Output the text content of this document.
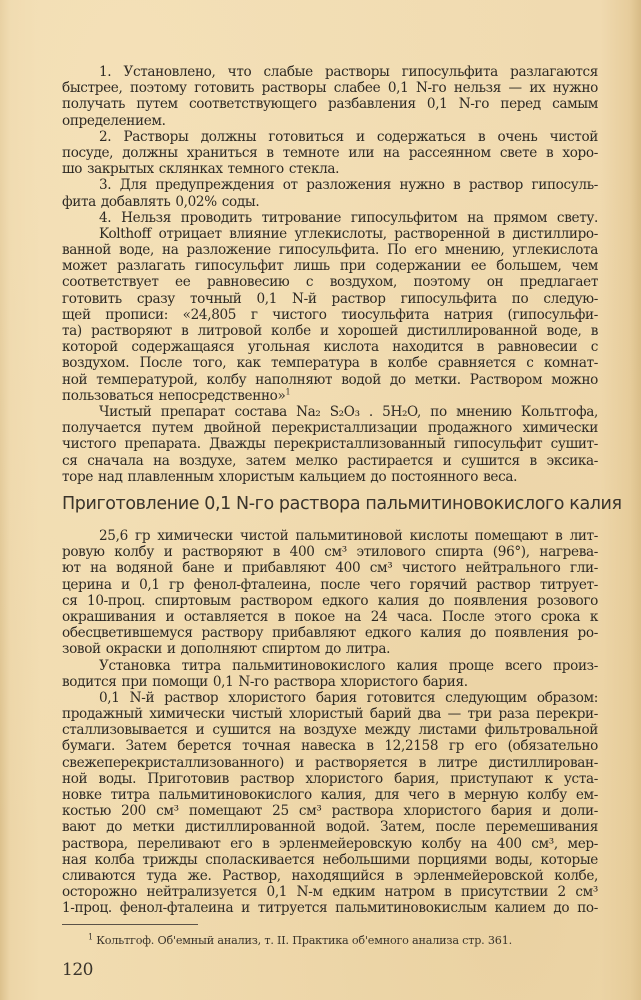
1. Установлено, что слабые растворы гипосульфита разлагаются
быстрее, поэтому готовить растворы слабее 0,1 N-го нельзя — их нужно
получать путем соответствующего разбавления 0,1 N-го перед самым
определением.
2. Растворы должны готовиться и содержаться в очень чистой
посуде, должны храниться в темноте или на рассеянном свете в хоро-
шо закрытых склянках темного стекла.
3. Для предупреждения от разложения нужно в раствор гипосуль-
фита добавлять 0,02% соды.
4. Нельзя проводить титрование гипосульфитом на прямом свету.
Kolthoff отрицает влияние углекислоты, растворенной в дистиллиро-
ванной воде, на разложение гипосульфита. По его мнению, углекислота
может разлагать гипосульфит лишь при содержании ее большем, чем
соответствует ее равновесию с воздухом, поэтому он предлагает
готовить сразу точный 0,1 N-й раствор гипосульфита по следую-
щей прописи: «24,805 г чистого тиосульфита натрия (гипосульфи-
та) растворяют в литровой колбе и хорошей дистиллированной воде, в
которой содержащаяся угольная кислота находится в равновесии с
воздухом. После того, как температура в колбе сравняется с комнат-
ной температурой, колбу наполняют водой до метки. Раствором можно
пользоваться непосредственно»$^1$
Чистый препарат состава Na₂ S₂O₃ . 5H₂O, по мнению Кольтгофа,
получается путем двойной перекристаллизации продажного химически
чистого препарата. Дважды перекристаллизованный гипосульфит сушит-
ся сначала на воздухе, затем мелко растирается и сушится в эксика-
торе над плавленным хлористым кальцием до постоянного веса.
Приготовление 0,1 N-го раствора пальмитиновокислого калия
25,6 гр химически чистой пальмитиновой кислоты помещают в лит-
ровую колбу и растворяют в 400 см³ этилового спирта (96°), нагрева-
ют на водяной бане и прибавляют 400 см³ чистого нейтрального гли-
церина и 0,1 гр фенол-фталеина, после чего горячий раствор титрует-
ся 10-проц. спиртовым раствором едкого калия до появления розового
окрашивания и оставляется в покое на 24 часа. После этого срока к
обесцветившемуся раствору прибавляют едкого калия до появления ро-
зовой окраски и дополняют спиртом до литра.
Установка титра пальмитиновокислого калия проще всего произ-
водится при помощи 0,1 N-го раствора хлористого бария.
0,1 N-й раствор хлористого бария готовится следующим образом:
продажный химически чистый хлористый барий два — три раза перекри-
сталлизовывается и сушится на воздухе между листами фильтровальной
бумаги. Затем берется точная навеска в 12,2158 гр его (обязательно
свежеперекристаллизованного) и растворяется в литре дистиллирован-
ной воды. Приготовив раствор хлористого бария, приступают к уста-
новке титра пальмитиновокислого калия, для чего в мерную колбу ем-
костью 200 см³ помещают 25 см³ раствора хлористого бария и доли-
вают до метки дистиллированной водой. Затем, после перемешивания
раствора, переливают его в эрленмейеровскую колбу на 400 см³, мер-
ная колба трижды споласкивается небольшими порциями воды, которые
сливаются туда же. Раствор, находящийся в эрленмейеровской колбе,
осторожно нейтрализуется 0,1 N-м едким натром в присутствии 2 см³
1-проц. фенол-фталеина и титруется пальмитиновокислым калием до по-
$^1$ Кольтгоф. Об'емный анализ, т. II. Практика об'емного анализа стр. 361.
120
